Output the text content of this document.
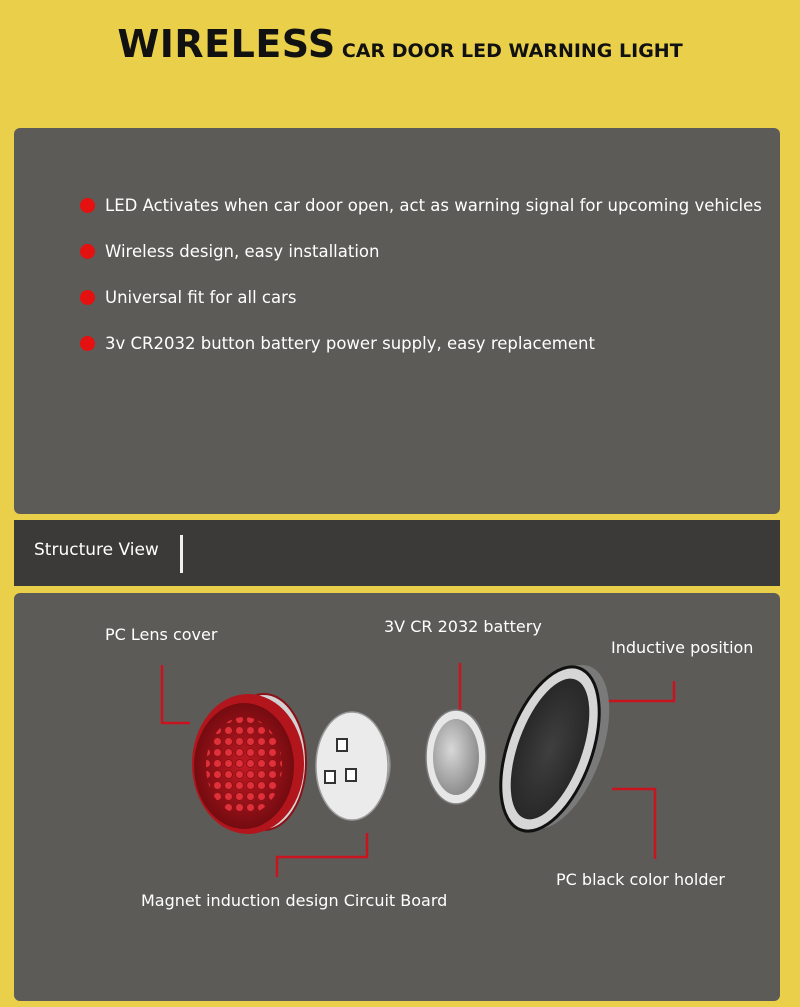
WIRELESS CAR DOOR LED WARNING LIGHT
LED Activates when car door open, act as warning signal for upcoming vehicles
Wireless design, easy installation
Universal fit for all cars
3v CR2032 button battery power supply, easy replacement
Structure View
PC Lens cover	3V CR 2032 battery
Inductive position
Magnet induction design Circuit Board
PC black color holder
